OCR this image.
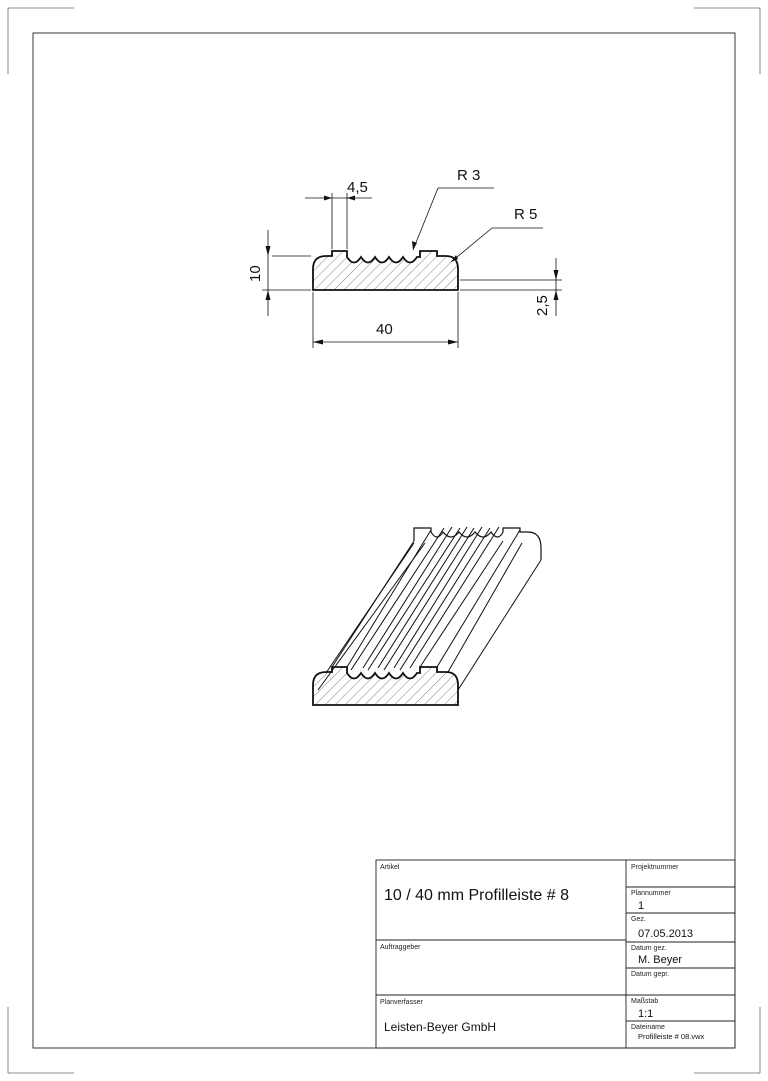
4,5
R 3
R 5
10
2,5
40
Artikel
10 / 40 mm Profilleiste # 8
Projektnummer
Plannummer
1
Gez.
07.05.2013
Auftraggeber	Datum gez.
M. Beyer
Datum gepr.
Planverfasser
Leisten-Beyer GmbH
Maßstab
1:1
Dateiname
Profilleiste # 08.vwx
